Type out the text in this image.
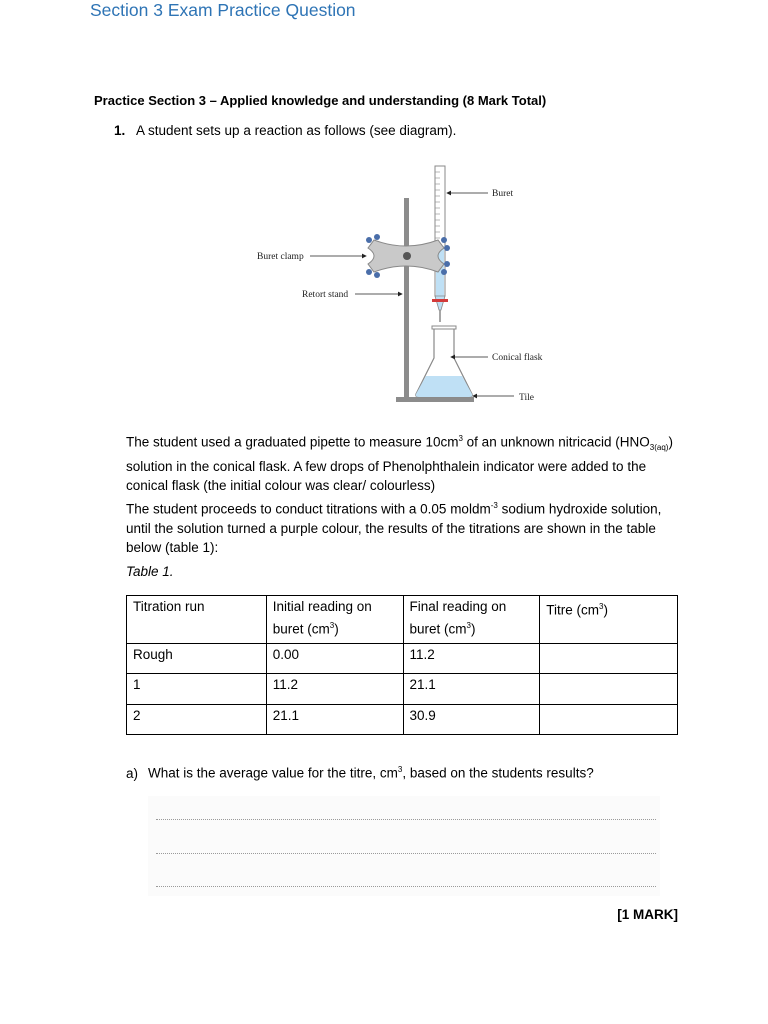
Section 3 Exam Practice Question
Practice Section 3 – Applied knowledge and understanding (8 Mark Total)
1. A student sets up a reaction as follows (see diagram).
Buret
Buret clamp
Retort stand
Conical flask
Tile
The student used a graduated pipette to measure $10cm^3$ of an unknown nitricacid $(HNO_{3(aq)})$ solution in the conical flask. A few drops of Phenolphthalein indicator were added to the conical flask (the initial colour was clear/ colourless)
The student proceeds to conduct titrations with a 0.05 moldm$^{-3}$ sodium hydroxide solution, until the solution turned a purple colour, the results of the titrations are shown in the table below (table 1):
Table 1.
Titration run	Initial reading on buret $(cm^3)$	Final reading on buret $(cm^3)$	Titre $(cm^3)$
Rough	0.00	11.2	
1	11.2	21.1	
2	21.1	30.9	
a) What is the average value for the titre, $cm^3$, based on the students results?
[1 MARK]
